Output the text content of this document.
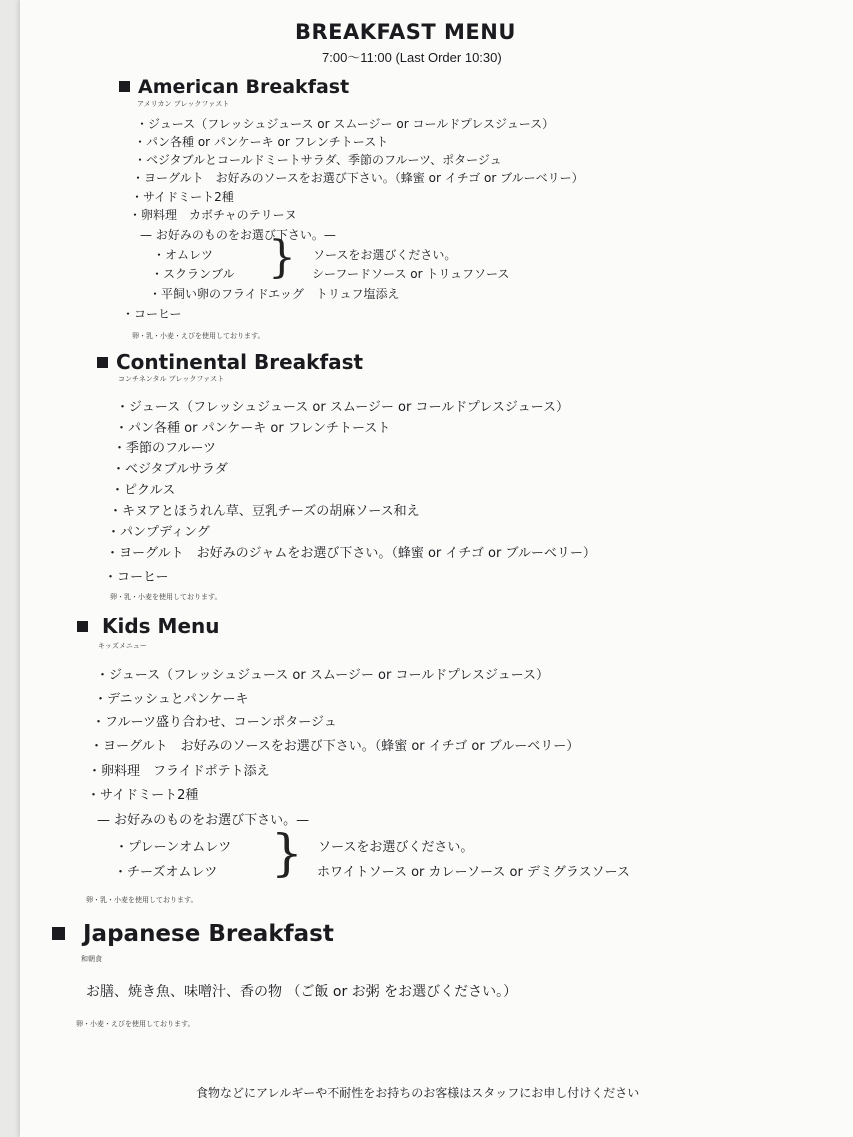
BREAKFAST MENU
7:00～11:00 (Last Order 10:30)
American Breakfast
アメリカン ブレックファスト
・ジュース（フレッシュジュース or スムージー or コールドプレスジュース）
・パン各種 or パンケーキ or フレンチトースト
・ベジタブルとコールドミートサラダ、季節のフルーツ、ポタージュ
・ヨーグルト　お好みのソースをお選び下さい。（蜂蜜 or イチゴ or ブルーベリー）
・サイドミート2種
・卵料理　カボチャのテリーヌ
— お好みのものをお選び下さい。—
・オムレツ
・スクランブル } ソースをお選びください。
シーフードソース or トリュフソース
・平飼い卵のフライドエッグ　トリュフ塩添え
・コーヒー
卵・乳・小麦・えびを使用しております。
Continental Breakfast
コンチネンタル ブレックファスト
・ジュース（フレッシュジュース or スムージー or コールドプレスジュース）
・パン各種 or パンケーキ or フレンチトースト
・季節のフルーツ
・ベジタブルサラダ
・ピクルス
・キヌアとほうれん草、豆乳チーズの胡麻ソース和え
・パンプディング
・ヨーグルト　お好みのジャムをお選び下さい。（蜂蜜 or イチゴ or ブルーベリー）
・コーヒー
卵・乳・小麦を使用しております。
Kids Menu
キッズメニュー
・ジュース（フレッシュジュース or スムージー or コールドプレスジュース）
・デニッシュとパンケーキ
・フルーツ盛り合わせ、コーンポタージュ
・ヨーグルト　お好みのソースをお選び下さい。（蜂蜜 or イチゴ or ブルーベリー）
・卵料理　フライドポテト添え
・サイドミート2種
— お好みのものをお選び下さい。—
・プレーンオムレツ
・チーズオムレツ } ソースをお選びください。
ホワイトソース or カレーソース or デミグラスソース
卵・乳・小麦を使用しております。
Japanese Breakfast
和朝食
お膳、焼き魚、味噌汁、香の物 （ご飯 or お粥 をお選びください。）
卵・小麦・えびを使用しております。
食物などにアレルギーや不耐性をお持ちのお客様はスタッフにお申し付けください
